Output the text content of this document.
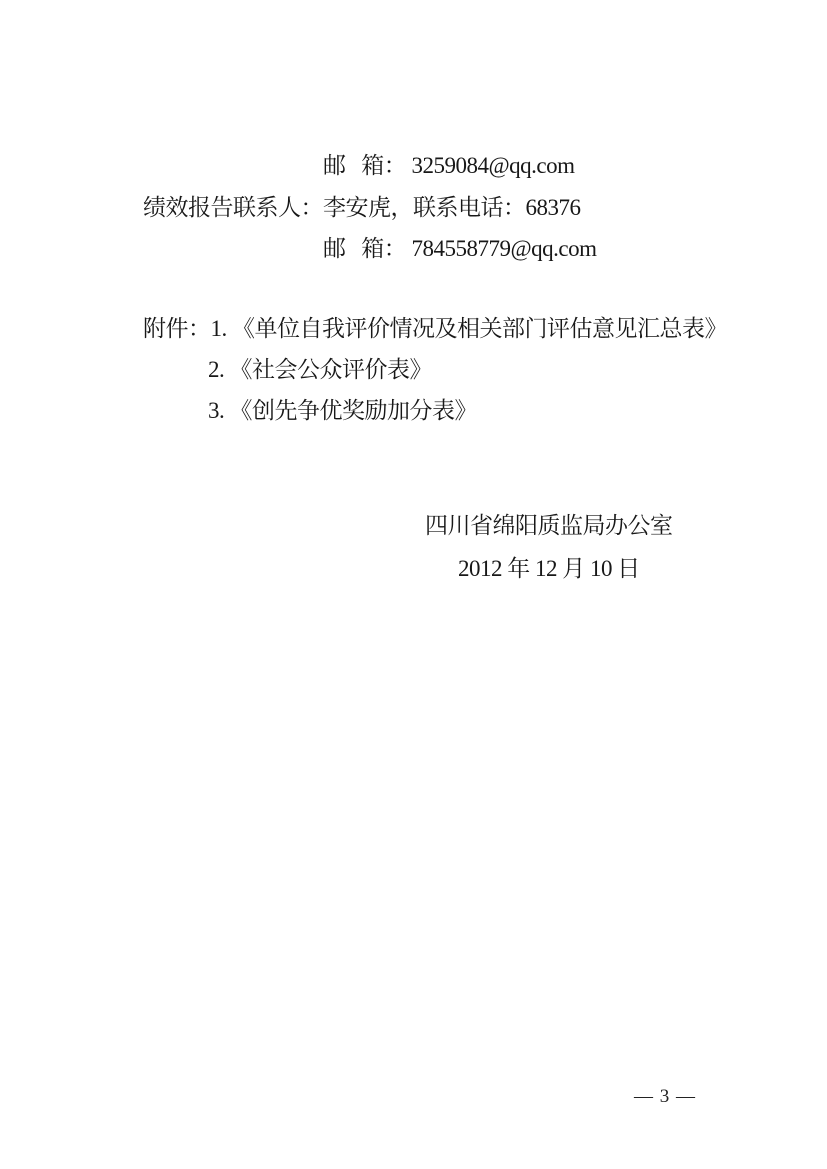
邮   箱： 3259084@qq.com
绩效报告联系人：李安虎，联系电话：68376
邮   箱： 784558779@qq.com
附件：1. 《单位自我评价情况及相关部门评估意见汇总表》
2. 《社会公众评价表》
3. 《创先争优奖励加分表》
四川省绵阳质监局办公室
2012 年 12 月 10 日
— 3 —
